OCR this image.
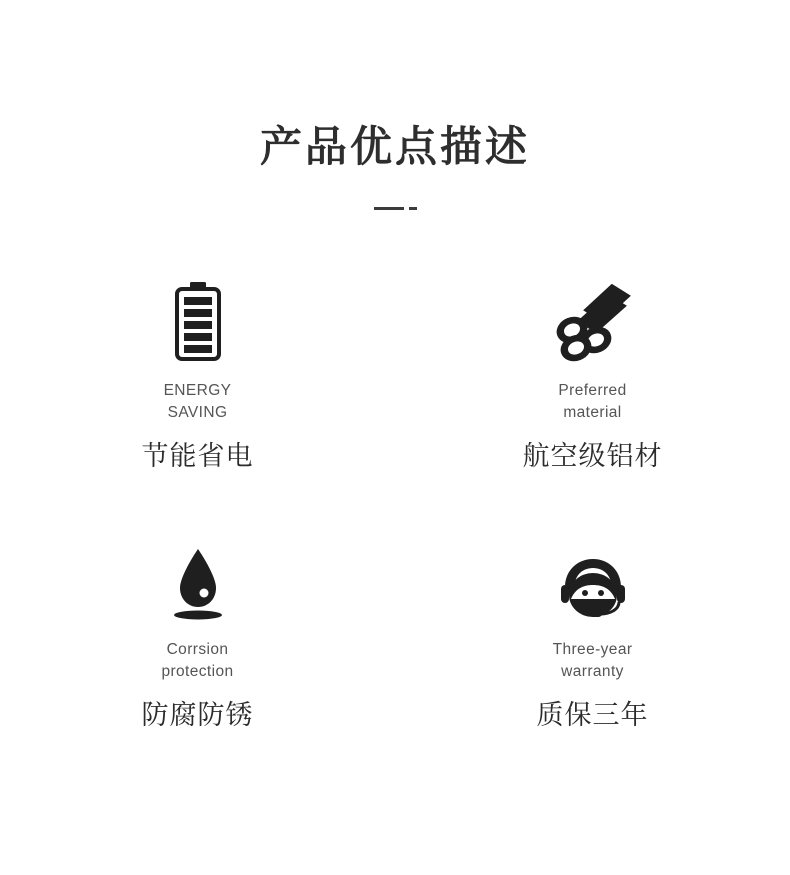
产品优点描述
ENERGY
SAVING
节能省电
Preferred
material
航空级铝材
Corrsion
protection
防腐防锈
Three-year
warranty
质保三年
